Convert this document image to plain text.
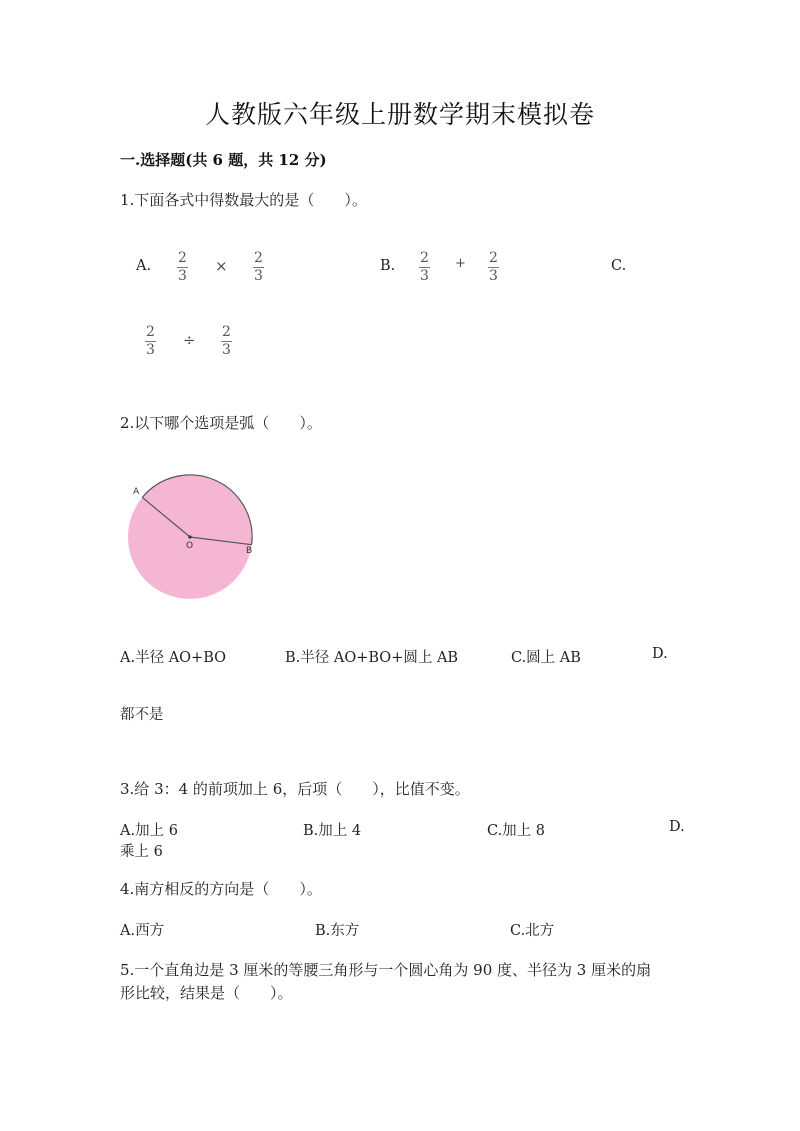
人教版六年级上册数学期末模拟卷
一.选择题(共 6 题，共 12 分)
1.下面各式中得数最大的是（　　）。
A. 2
3
× 2
3
B. 2
3
+ 2
3
C.
2
3
÷ 2
3
2.以下哪个选项是弧（　　）。
A
O	B
A.半径 AO+BO	B.半径 AO+BO+圆上 AB	C.圆上 AB	D.
都不是
3.给 3：4 的前项加上 6，后项（　　），比值不变。
A.加上 6	B.加上 4	C.加上 8	D.
乘上 6
4.南方相反的方向是（　　）。
A.西方	B.东方	C.北方
5.一个直角边是 3 厘米的等腰三角形与一个圆心角为 90 度、半径为 3 厘米的扇
形比较，结果是（　　）。
